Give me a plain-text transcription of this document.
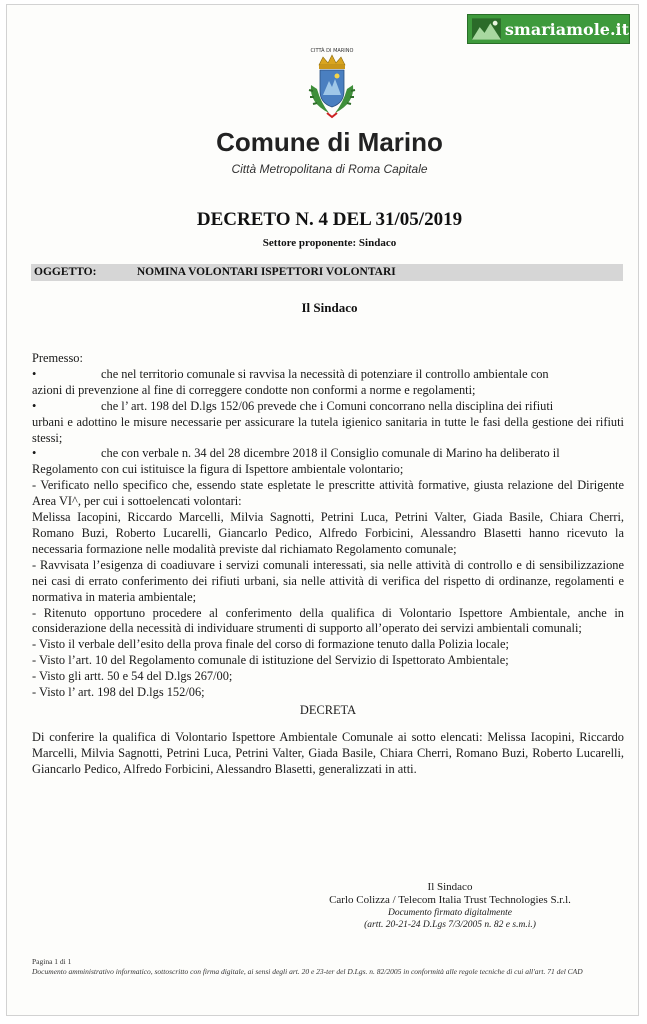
smariamole.it
CITTÀ DI MARINO
Comune di Marino
Città Metropolitana di Roma Capitale
DECRETO N. 4 DEL 31/05/2019
Settore proponente: Sindaco
OGGETTO:	NOMINA VOLONTARI ISPETTORI VOLONTARI
Il Sindaco

Premesso:

•	che nel territorio comunale si ravvisa la necessità di potenziare il controllo ambientale con

azioni di prevenzione al fine di correggere condotte non conformi a norme e regolamenti;

•	che l’ art. 198 del D.lgs 152/06 prevede che i Comuni concorrano nella disciplina dei rifiuti

urbani e adottino le misure necessarie per assicurare la tutela igienico sanitaria in tutte le fasi della gestione dei rifiuti stessi;

•	che con verbale n. 34 del 28 dicembre 2018 il Consiglio comunale di Marino ha deliberato il

Regolamento con cui istituisce la figura di Ispettore ambientale volontario;

- Verificato nello specifico che, essendo state espletate le prescritte attività formative, giusta relazione del Dirigente Area VI^, per cui i sottoelencati volontari:

Melissa Iacopini, Riccardo Marcelli, Milvia Sagnotti, Petrini Luca, Petrini Valter, Giada Basile, Chiara Cherri, Romano Buzi, Roberto Lucarelli, Giancarlo Pedico, Alfredo Forbicini, Alessandro Blasetti hanno ricevuto la necessaria formazione nelle modalità previste dal richiamato Regolamento comunale;

- Ravvisata l’esigenza di coadiuvare i servizi comunali interessati, sia nelle attività di controllo e di sensibilizzazione nei casi di errato conferimento dei rifiuti urbani, sia nelle attività di verifica del rispetto di ordinanze, regolamenti e normativa in materia ambientale;

- Ritenuto opportuno procedere al conferimento della qualifica di Volontario Ispettore Ambientale, anche in considerazione della necessità di individuare strumenti di supporto all’operato dei servizi ambientali comunali;

- Visto il verbale dell’esito della prova finale del corso di formazione tenuto dalla Polizia locale;

- Visto l’art. 10 del Regolamento comunale di istituzione del Servizio di Ispettorato Ambientale;

- Visto gli artt. 50 e 54 del D.lgs 267/00;

- Visto l’ art. 198 del D.lgs 152/06;

DECRETA

Di conferire la qualifica di Volontario Ispettore Ambientale Comunale ai sotto elencati: Melissa Iacopini, Riccardo Marcelli, Milvia Sagnotti, Petrini Luca, Petrini Valter, Giada Basile, Chiara Cherri, Romano Buzi, Roberto Lucarelli, Giancarlo Pedico, Alfredo Forbicini, Alessandro Blasetti, generalizzati in atti.

Il Sindaco
Carlo Colizza / Telecom Italia Trust Technologies S.r.l.
Documento firmato digitalmente
(artt. 20-21-24 D.Lgs 7/3/2005 n. 82 e s.m.i.)
Pagina 1 di 1
Documento amministrativo informatico, sottoscritto con firma digitale, ai sensi degli art. 20 e 23-ter del D.Lgs. n. 82/2005 in conformità alle regole tecniche di cui all'art. 71 del CAD
